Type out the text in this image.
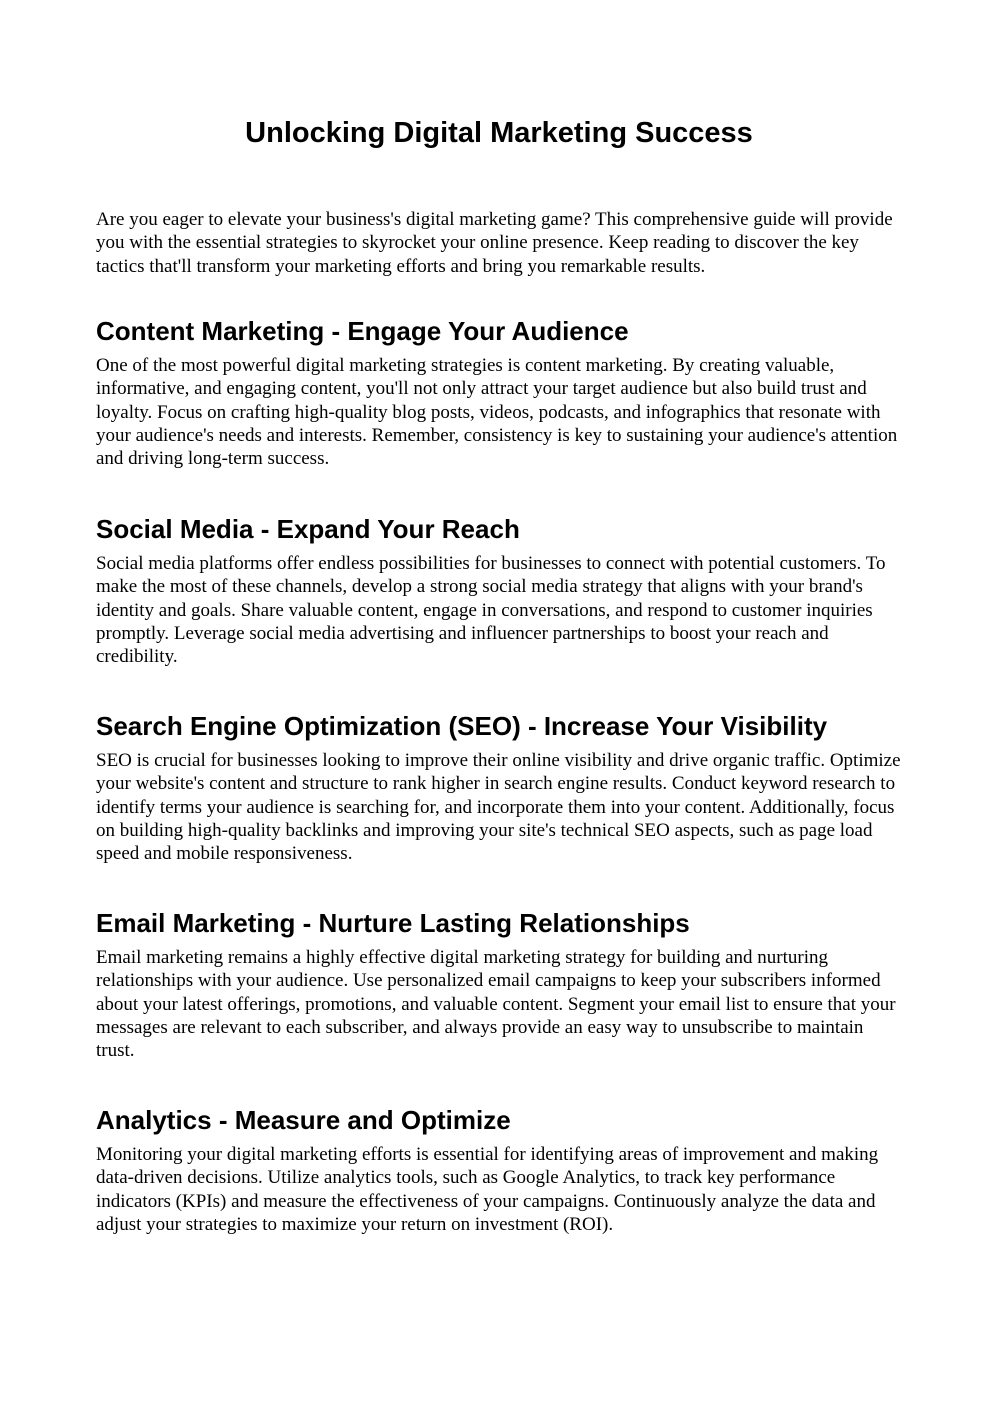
Unlocking Digital Marketing Success

Are you eager to elevate your business's digital marketing game? This comprehensive guide will provide you with the essential strategies to skyrocket your online presence. Keep reading to discover the key tactics that'll transform your marketing efforts and bring you remarkable results.

Content Marketing - Engage Your Audience

One of the most powerful digital marketing strategies is content marketing. By creating valuable, informative, and engaging content, you'll not only attract your target audience but also build trust and loyalty. Focus on crafting high-quality blog posts, videos, podcasts, and infographics that resonate with your audience's needs and interests. Remember, consistency is key to sustaining your audience's attention and driving long-term success.

Social Media - Expand Your Reach

Social media platforms offer endless possibilities for businesses to connect with potential customers. To make the most of these channels, develop a strong social media strategy that aligns with your brand's identity and goals. Share valuable content, engage in conversations, and respond to customer inquiries promptly. Leverage social media advertising and influencer partnerships to boost your reach and credibility.

Search Engine Optimization (SEO) - Increase Your Visibility

SEO is crucial for businesses looking to improve their online visibility and drive organic traffic. Optimize your website's content and structure to rank higher in search engine results. Conduct keyword research to identify terms your audience is searching for, and incorporate them into your content. Additionally, focus on building high-quality backlinks and improving your site's technical SEO aspects, such as page load speed and mobile responsiveness.

Email Marketing - Nurture Lasting Relationships

Email marketing remains a highly effective digital marketing strategy for building and nurturing relationships with your audience. Use personalized email campaigns to keep your subscribers informed about your latest offerings, promotions, and valuable content. Segment your email list to ensure that your messages are relevant to each subscriber, and always provide an easy way to unsubscribe to maintain trust.

Analytics - Measure and Optimize

Monitoring your digital marketing efforts is essential for identifying areas of improvement and making data-driven decisions. Utilize analytics tools, such as Google Analytics, to track key performance indicators (KPIs) and measure the effectiveness of your campaigns. Continuously analyze the data and adjust your strategies to maximize your return on investment (ROI).
